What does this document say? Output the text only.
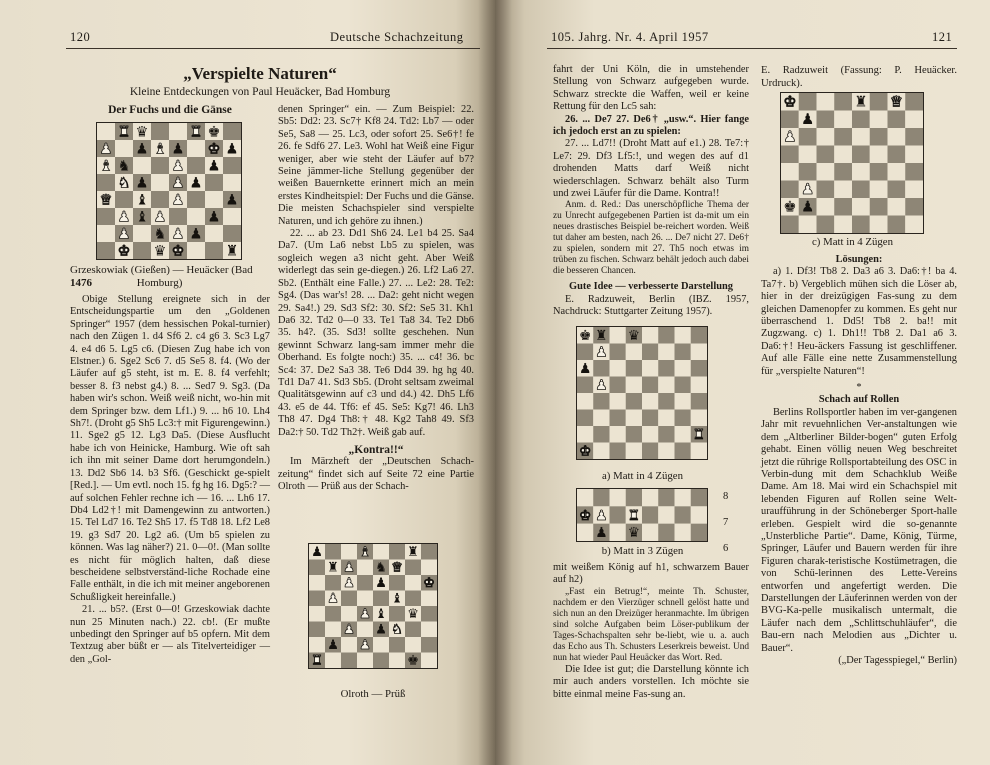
120	Deutsche Schachzeitung
„Verspielte Naturen“
Kleine Entdeckungen von Paul Heuäcker, Bad Homburg
Der Fuchs und die Gänse
♚ ♛ ♚	♜
♟ ♞ ♟ ♟
♟ ♝ ♟	♟
♛ ♝ ♟	♟
♞ ♟ ♟ ♟
♝ ♞	♟ ♟
♟ ♟ ♝ ♟ ♚ ♟
♜ ♛	♜ ♚
Grzeskowiak (Gießen) — Heuäcker (Bad
1476	Homburg)

Obige Stellung ereignete sich in der Entscheidungspartie um den „Goldenen Springer“ 1957 (dem hessischen Pokal-turnier) nach den Zügen 1. d4 Sf6 2. c4 g6 3. Sc3 Lg7 4. e4 d6 5. Lg5 c6. (Diesen Zug habe ich von Elstner.) 6. Sge2 Sc6 7. d5 Se5 8. f4. (Wo der Läufer auf g5 steht, ist m. E. 8. f4 verfehlt; besser 8. f3 nebst g4.) 8. ... Sed7 9. Sg3. (Da haben wir's schon. Weiß weiß nicht, wo-hin mit dem Springer bzw. dem Lf1.) 9. ... h6 10. Lh4 Sh7!. (Droht g5 Sh5 Lc3:† mit Figurengewinn.) 11. Sge2 g5 12. Lg3 Da5. (Diese Ausflucht habe ich von Heinicke, Hamburg. Wie oft sah ich ihn mit seiner Dame dort herumgondeln.) 13. Dd2 Sb6 14. b3 Sf6. (Geschickt ge-spielt [Red.]. — Um evtl. noch 15. fg hg 16. Dg5:? — auf solchen Fehler rechne ich — 16. ... Lh6 17. Db4 Ld2†! mit Damengewinn zu antworten.) 15. Tel Ld7 16. Te2 Sh5 17. f5 Td8 18. Lf2 Le8 19. g3 Sd7 20. Lg2 a6. (Um b5 spielen zu können. Was lag näher?) 21. 0—0!. (Man sollte es nicht für möglich halten, daß diese bescheidene selbstverständ-liche Rochade eine Falle enthält, in die ich mit meiner angeborenen Schußligkeit hereinfalle.)

21. ... b5?. (Erst 0—0! Grzeskowiak dachte nun 25 Minuten nach.) 22. cb!. (Er mußte unbedingt den Springer auf b5 opfern. Mit dem Textzug aber büßt er — als Titelverteidiger — den „Gol-

denen Springer“ ein. — Zum Beispiel: 22. Sb5: Dd2: 23. Sc7† Kf8 24. Td2: Lb7 — oder Se5, Sa8 — 25. Lc3, oder sofort 25. Se6†! fe 26. fe Sdf6 27. Le3. Wohl hat Weiß eine Figur weniger, aber wie steht der Läufer auf b7? Seine jämmer-liche Stellung gegenüber der weißen Bauernkette erinnert mich an mein erstes Kindheitspiel: Der Fuchs und die Gänse. Die meisten Schachspieler sind verspielte Naturen, und ich gehöre zu ihnen.)

22. ... ab 23. Dd1 Sh6 24. Le1 b4 25. Sa4 Da7. (Um La6 nebst Lb5 zu spielen, was sogleich wegen a3 nicht geht. Aber Weiß widerlegt das sein ge-diegen.) 26. Lf2 La6 27. Sb2. (Enthält eine Falle.) 27. ... Le2: 28. Te2: Sg4. (Das war's! 28. ... Da2: geht nicht wegen 29. Sa4!.) 29. Sd3 Sf2: 30. Sf2: Se5 31. Kh1 Da6 32. Td2 0—0 33. Te1 Ta8 34. Te2 Db6 35. h4?. (35. Sd3! sollte geschehen. Nun gewinnt Schwarz lang-sam immer mehr die Oberhand. Es folgte noch:) 35. ... c4! 36. bc Sc4: 37. De2 Sa3 38. Te6 Dd4 39. hg hg 40. Td1 Da7 41. Sd3 Sb5. (Droht seltsam zweimal Qualitätsgewinn auf c3 und d4.) 42. Dh5 Lf6 43. e5 de 44. Tf6: ef 45. Se5: Kg7! 46. Lh3 Th8 47. Dg4 Th8:† 48. Kg2 Tah8 49. Sf3 Da2:† 50. Td2 Th2†. Weiß gab auf.

„Kontra!!“

Im Märzheft der „Deutschen Schach-zeitung“ findet sich auf Seite 72 eine Partie Olroth — Prüß aus der Schach-

♜
♟ ♟
♚
♟ ♟ ♞
♝
♟	♛
♟	♝
♟ ♟	♚
♜ ♟ ♞ ♛
♟	♝	♜
Olroth — Prüß
105. Jahrg. Nr. 4. April 1957	121

fahrt der Uni Köln, die in umstehender Stellung von Schwarz aufgegeben wurde. Schwarz streckte die Waffen, weil er keine Rettung für den Lc5 sah:

26. ... De7 27. De6† „usw.“. Hier fange ich jedoch erst an zu spielen:

27. ... Ld7!! (Droht Matt auf e1.) 28. Te7:† Le7: 29. Df3 Lf5:!, und wegen des auf d1 drohenden Matts darf Weiß nicht wiederschlagen. Schwarz behält also Turm und zwei Läufer für die Dame. Kontra!!

Anm. d. Red.: Das unerschöpfliche Thema der zu Unrecht aufgegebenen Partien ist da-mit um ein neues drastisches Beispiel be-reichert worden. Weiß tut daher am besten, nach 26. ... De7 nicht 27. De6† zu spielen, sondern mit 27. Th5 noch etwas im trüben zu fischen. Schwarz behält jedoch auch dabei die besseren Chancen.

Gute Idee — verbesserte Darstellung

E. Radzuweit, Berlin (IBZ. 1957, Nachdruck: Stuttgarter Zeitung 1957).

♚
♛
♜
♟
♟
♚
♟
♜
a) Matt in 4 Zügen
♚
♟
♟
♛
♜
8
7
6
b) Matt in 3 Zügen

mit weißem König auf h1, schwarzem Bauer auf h2)

„Fast ein Betrug!“, meinte Th. Schuster, nachdem er den Vierzüger schnell gelöst hatte und sich nun an den Dreizüger heranmachte. Im übrigen sind solche Aufgaben beim Löser-publikum der Tages-Schachspalten sehr be-liebt, wie u. a. auch das Echo aus Th. Schusters Leserkreis beweist. Und nun hat wieder Paul Heuäcker das Wort. Red.

Die Idee ist gut; die Darstellung könnte ich mir auch anders vorstellen. Ich möchte sie bitte einmal meine Fas-sung an.

E. Radzuweit (Fassung: P. Heuäcker. Urdruck).
♚
♟
♟
♜ ♛
♚
♟
♟
c) Matt in 4 Zügen

Lösungen:

a) 1. Df3! Tb8 2. Da3 a6 3. Da6:†! ba 4. Ta7†. b) Vergeblich mühen sich die Löser ab, hier in der dreizügigen Fas-sung zu dem gleichen Damenopfer zu kommen. Es geht nur überraschend 1. Dd5! Tb8 2. ba!! mit Zugzwang. c) 1. Dh1!! Tb8 2. Da1 a6 3. Da6:†! Heu-äckers Fassung ist geschliffener. Auf alle Fälle eine nette Zusammenstellung für „verspielte Naturen“!

*

Schach auf Rollen

Berlins Rollsportler haben im ver-gangenen Jahr mit revuehnlichen Ver-anstaltungen wie dem „Altberliner Bilder-bogen“ guten Erfolg gehabt. Einen völlig neuen Weg beschreitet jetzt die rührige Rollsportabteilung des OSC in Verbin-dung mit dem Schachklub Weiße Dame. Am 18. Mai wird ein Schachspiel mit lebenden Figuren auf Rollen seine Welt-uraufführung in der Schöneberger Sport-halle erleben. Gespielt wird die so-genannte „Unsterbliche Partie“. Dame, König, Türme, Springer, Läufer und Bauern werden für ihre Figuren charak-teristische Kostümetragen, die von Schü-lerinnen des Lette-Vereins entworfen und angefertigt werden. Die Darstellungen der Läuferinnen werden von der BVG-Ka-pelle musikalisch untermalt, die Läufer nach dem „Schlittschuhläufer“, die Bau-ern nach Melodien aus „Dichter u. Bauer“.

(„Der Tagesspiegel,“ Berlin)
